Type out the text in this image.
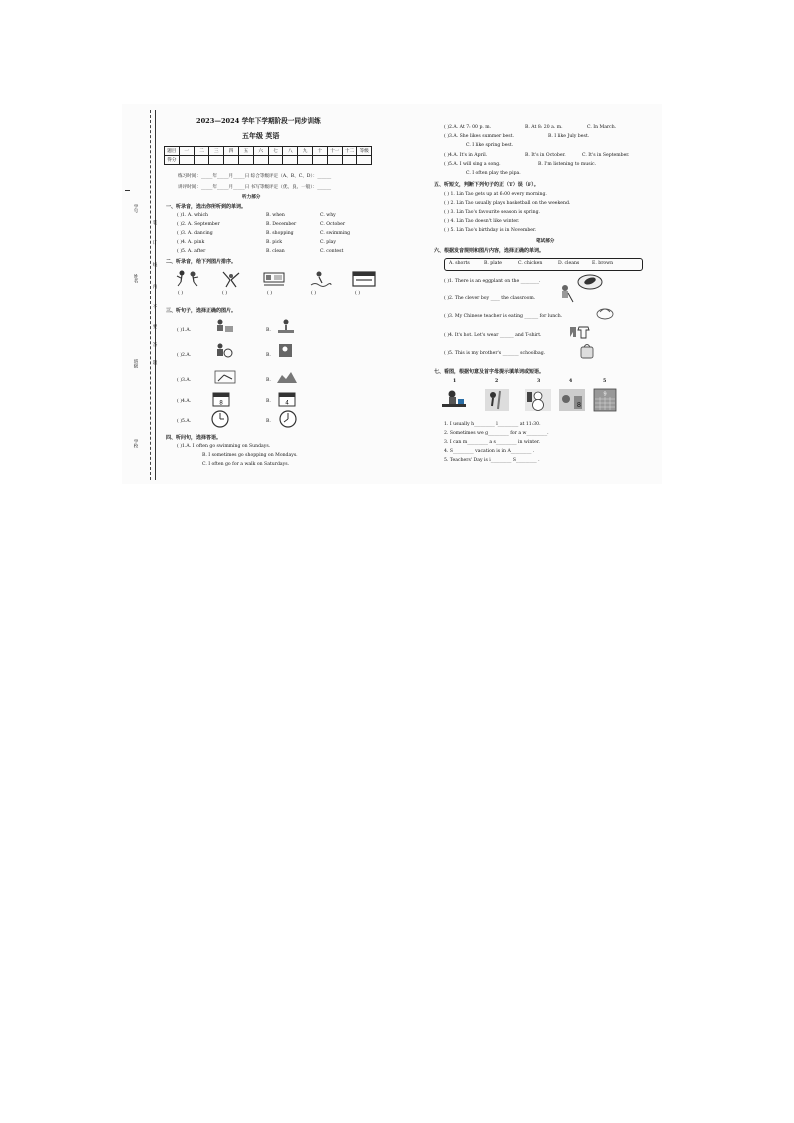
学号
姓名
班级
学校
装
订
线
内
不
要
答
题
2023—2024 学年下学期阶段一同步训练
五年级 英语
题目	一	二	三	四	五	六	七	八	九	十	十一	十二	等级
得分													
练习时间：_____年_____月_____日 综合等级评定（A、B、C、D）：______
讲评时间：_____年_____月_____日 书写等级评定（优、良、一般）：______
听力部分
一、听录音，选出你所听到的单词。
( )1. A. which	B. when	C. why
( )2. A. September	B. December	C. October
( )3. A. dancing	B. shopping	C. swimming
( )4. A. pink	B. pick	C. play
( )5. A. after	B. clean	C. contest
二、听录音，给下列图片排序。
( )	( )	( )	( )	( )
三、听句子，选择正确的图片。
( )1.A.	B.
( )2.A.	B.
( )3.A.	B.
( )4.A.	8	B. 4
( )5.A.	B.
四、听问句，选择答语。
( )1.A. I often go swimming on Sundays.
B. I sometimes go shopping on Mondays.
C. I often go for a walk on Saturdays.
( )2.A. At 7: 00 p. m.	B. At 8: 20 a. m.	C. In March.
( )3.A. She likes summer best.	B. I like July best.
C. I like spring best.
( )4.A. It's in April.	B. It's in October.	C. It's in September.
( )5.A. I will sing a song.	B. I'm listening to music.
C. I often play the pipa.
五、听短文，判断下列句子的正（T）误（F）。
( ) 1. Lin Tao gets up at 6:00 every morning.
( ) 2. Lin Tao usually plays basketball on the weekend.
( ) 3. Lin Tao's favourite season is spring.
( ) 4. Lin Tao doesn't like winter.
( ) 5. Lin Tao's birthday is in November.
笔试部分
六、根据发音规则和图片内容，选择正确的单词。
A. shorts	B. plate	C. chicken	D. cleans	E. brown
( )1. There is an eggplant on the ________.
( )2. The clever boy ____ the classroom.
( )3. My Chinese teacher is eating ______ for lunch.
( )4. It's hot. Let's wear ______ and T-shirt.
( )5. This is my brother's _______ schoolbag.
七、看图，根据句意及首字母提示填单词或短语。
1	2	3	4	5
8
9
1. I usually h_________ l_________ at 11:30.
2. Sometimes we g_________ for a w_________.
3. I can m_________ a s_________ in winter.
4. S_________ vacation is in A_________ .
5. Teachers' Day is i_________ S_________ .
